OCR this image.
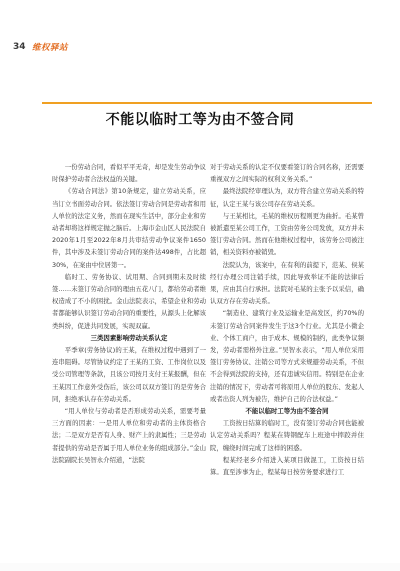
34 维权驿站
不能以临时工等为由不签合同

一份劳动合同，看似平平无奇，却是发生劳动争议时保护劳动者合法权益的关键。

《劳动合同法》第10条规定，建立劳动关系，应当订立书面劳动合同。依法签订劳动合同是劳动者和用人单位的法定义务，然而在现实生活中，部分企业和劳动者却将这样规定抛之脑后。上海市金山区人民法院自2020年1月至2022年8月共审结劳动争议案件1650件，其中涉及未签订劳动合同的案件达498件，占比超30%，在案由中位居第一。

临时工、劳务协议、试用期、合同到期未及时续签……未签订劳动合同的理由五花八门，都给劳动者维权造成了不小的困扰。金山法院表示，希望企业和劳动者都能够认识签订劳动合同的重要性，从源头上化解该类纠纷，促进共同发展，实现双赢。

三类因素影响劳动关系认定

平季章(劳务协议)的王某，在维权过程中遇到了一连串阻碍。尽管协议约定了王某的工资、工作岗位以及受公司管理等条款，且该公司按月支付王某报酬，但在王某因工作意外受伤后，该公司以双方签订的是劳务合同，拒绝承认存在劳动关系。

“用人单位与劳动者是否形成劳动关系，需要考量三方面的因素：一是用人单位和劳动者的主体资格合法；二是双方是否有人身、财产上的隶属性；三是劳动者提供的劳动是否属于用人单位业务的组成部分。”金山法院副院长吴智永介绍道，“法院

对于劳动关系的认定不仅要看签订的合同名称，还需要重视双方之间实际的权利义务关系。”

最终法院经审理认为，双方符合建立劳动关系的特征，认定王某与该公司存在劳动关系。

与王某相比，毛某的维权历程则更为曲折。毛某曾被派遣至某公司工作，工资由劳务公司发放，双方并未签订劳动合同。然而在他维权过程中，该劳务公司被注销，相关资料亦被销毁。

法院认为，该案中，在有利的前提下，范某、侯某经行办理公司注销手续，因此导致举证不能的法律后果，应由其自行承担。法院对毛某的主张予以采信，确认双方存在劳动关系。

“制造业、建筑行业及运输业是高发区，约70%的未签订劳动合同案件发生于这3个行业。尤其是小微企业、个体工商户，由于成本、规模的制约，此类争议频发，劳动者需格外注意。”吴智永表示，“用人单位采用签订劳务协议、注销公司等方式来规避劳动关系，不但不会得到法院的支持，还有违诚实信用。特别是在企业注销的情况下，劳动者可将原用人单位的股东、发起人或者出资人列为被告，维护自己的合法权益。”

不能以临时工等为由不签合同

工资按日结算的临时工，没有签订劳动合同也能被认定劳动关系吗？程某在铸钢配车上班途中摔跤并住院，缠绕时间完成了这样的困惑。

程某经老乡介绍进入某项目做混工，工资按日结算。直至涉事为止，程某每日按劳务要求进行工
